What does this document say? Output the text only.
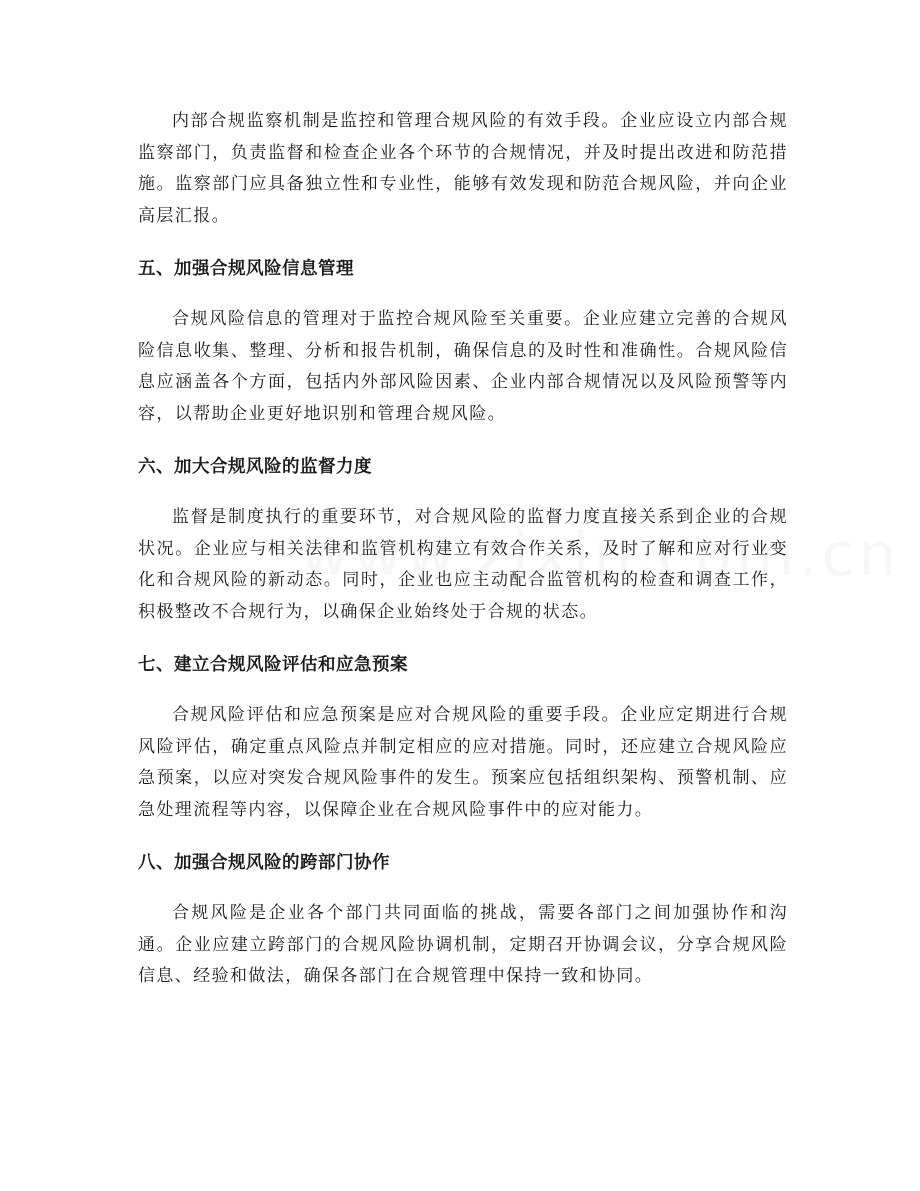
内部合规监察机制是监控和管理合规风险的有效手段。企业应设立内部合规监察部门，负责监督和检查企业各个环节的合规情况，并及时提出改进和防范措施。监察部门应具备独立性和专业性，能够有效发现和防范合规风险，并向企业高层汇报。

五、加强合规风险信息管理

合规风险信息的管理对于监控合规风险至关重要。企业应建立完善的合规风险信息收集、整理、分析和报告机制，确保信息的及时性和准确性。合规风险信息应涵盖各个方面，包括内外部风险因素、企业内部合规情况以及风险预警等内容，以帮助企业更好地识别和管理合规风险。

六、加大合规风险的监督力度

监督是制度执行的重要环节，对合规风险的监督力度直接关系到企业的合规状况。企业应与相关法律和监管机构建立有效合作关系，及时了解和应对行业变化和合规风险的新动态。同时，企业也应主动配合监管机构的检查和调查工作，积极整改不合规行为，以确保企业始终处于合规的状态。

七、建立合规风险评估和应急预案

合规风险评估和应急预案是应对合规风险的重要手段。企业应定期进行合规风险评估，确定重点风险点并制定相应的应对措施。同时，还应建立合规风险应急预案，以应对突发合规风险事件的发生。预案应包括组织架构、预警机制、应急处理流程等内容，以保障企业在合规风险事件中的应对能力。

八、加强合规风险的跨部门协作

合规风险是企业各个部门共同面临的挑战，需要各部门之间加强协作和沟通。企业应建立跨部门的合规风险协调机制，定期召开协调会议，分享合规风险信息、经验和做法，确保各部门在合规管理中保持一致和协同。
